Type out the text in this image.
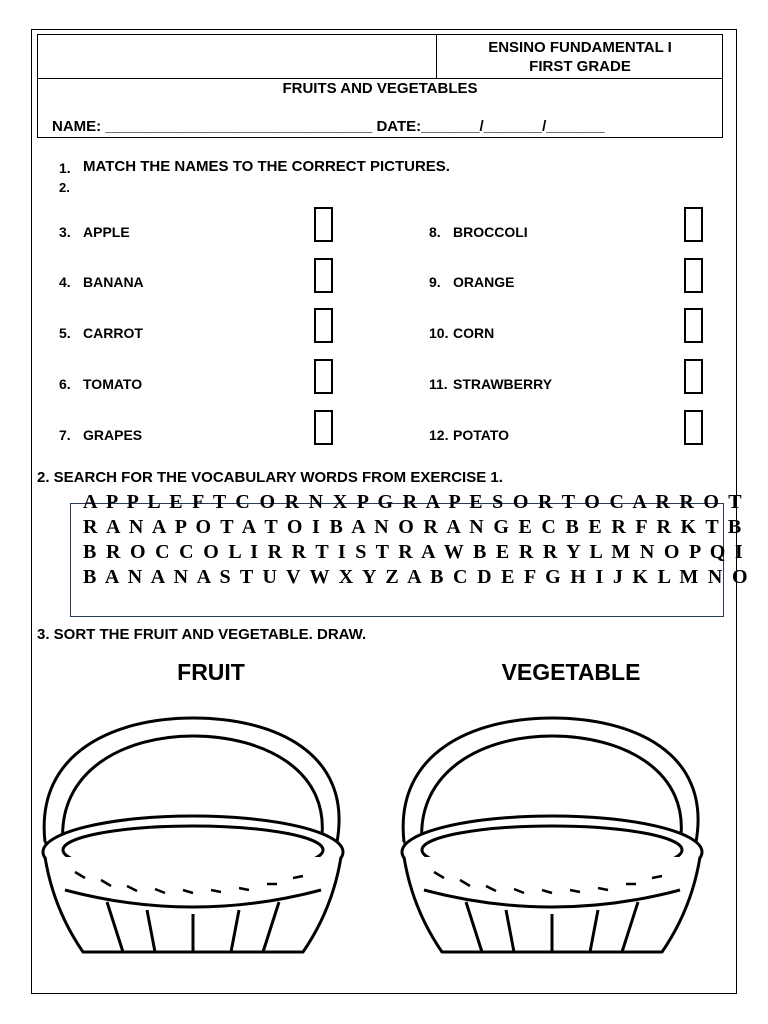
ENSINO FUNDAMENTAL I
FIRST GRADE
FRUITS AND VEGETABLES
NAME: ________________________________ DATE:_______/_______/_______
1. MATCH THE NAMES TO THE CORRECT PICTURES.
2.
3. APPLE
4. BANANA
5. CARROT
6. TOMATO
7. GRAPES
8. BROCCOLI
9. ORANGE
10. CORN
11. STRAWBERRY
12. POTATO
2. SEARCH FOR THE VOCABULARY WORDS FROM EXERCISE 1.
A P P L E F T C O R N X P G R A P E S O R T O C A R R O T
R A N A P O T A T O I B A N O R A N G E C B E R F R K T B
B R O C C O L I R R T I S T R A W B E R R Y L M N O P Q I
B A N A N A S T U V W X Y Z A B C D E F G H I J K L M N O
3. SORT THE FRUIT AND VEGETABLE. DRAW.
FRUIT	VEGETABLE
